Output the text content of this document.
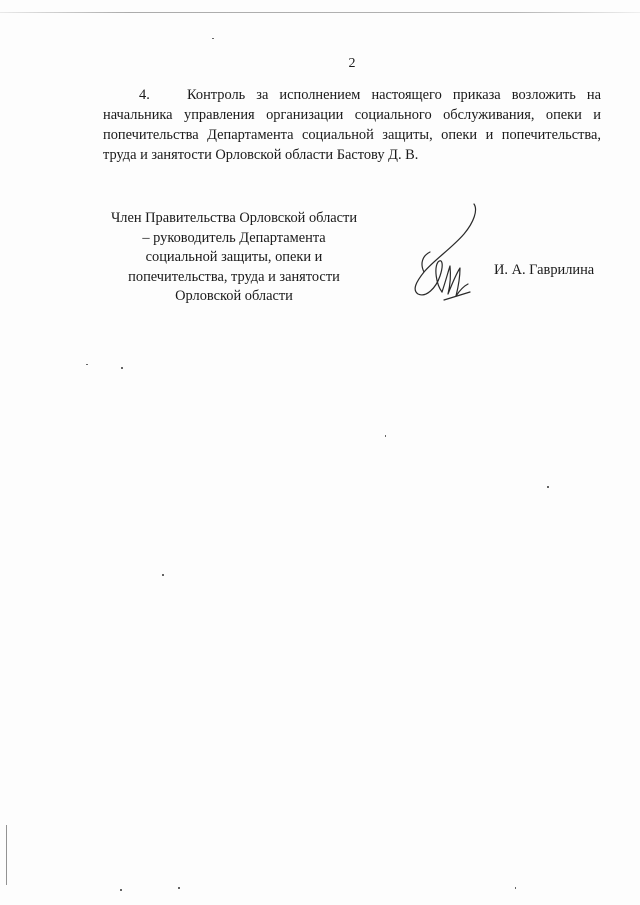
2

4.	Контроль за исполнением настоящего приказа возложить на начальника управления организации социального обслуживания, опеки и попечительства Департамента социальной защиты, опеки и попечительства, труда и занятости Орловской области Бастову Д. В.

Член Правительства Орловской области
– руководитель Департамента
социальной защиты, опеки и
попечительства, труда и занятости
Орловской области
И. А. Гаврилина
